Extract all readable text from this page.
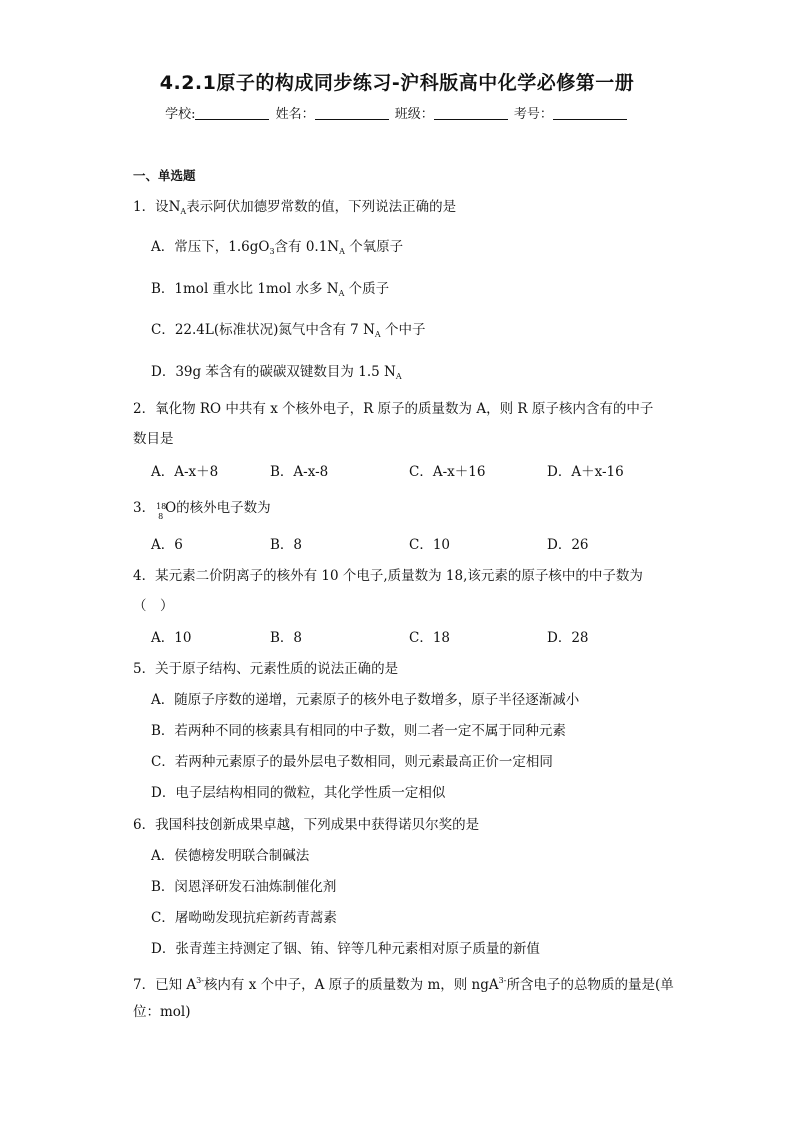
4.2.1原子的构成同步练习-沪科版高中化学必修第一册
学校:	姓名：	班级：	考号：
一、单选题
1．设$N_A$表示阿伏加德罗常数的值，下列说法正确的是
A．常压下，$1.6gO_3$含有 $0.1N_A$ 个氧原子
B．1mol 重水比 1mol 水多 $N_A$ 个质子
C．22.4L(标准状况)氮气中含有 7 $N_A$ 个中子
D．39g 苯含有的碳碳双键数目为 1.5 $N_A$
2．氧化物 RO 中共有 x 个核外电子，R 原子的质量数为 A，则 R 原子核内含有的中子
数目是
A．A-x＋8	B．A-x-8	C．A-x＋16	D．A＋x-16
3． 18
8
O的核外电子数为
A．6	B．8	C．10	D．26
4．某元素二价阴离子的核外有 10 个电子,质量数为 18,该元素的原子核中的中子数为
（　）
A．10	B．8	C．18	D．28
5．关于原子结构、元素性质的说法正确的是
A．随原子序数的递增，元素原子的核外电子数增多，原子半径逐渐减小
B．若两种不同的核素具有相同的中子数，则二者一定不属于同种元素
C．若两种元素原子的最外层电子数相同，则元素最高正价一定相同
D．电子层结构相同的微粒，其化学性质一定相似
6．我国科技创新成果卓越，下列成果中获得诺贝尔奖的是
A．侯德榜发明联合制碱法
B．闵恩泽研发石油炼制催化剂
C．屠呦呦发现抗疟新药青蒿素
D．张青莲主持测定了铟、铕、锌等几种元素相对原子质量的新值
7．已知 $A^{3-}$核内有 x 个中子，A 原子的质量数为 m，则 ngA$^{3-}$所含电子的总物质的量是(单
位：mol)
